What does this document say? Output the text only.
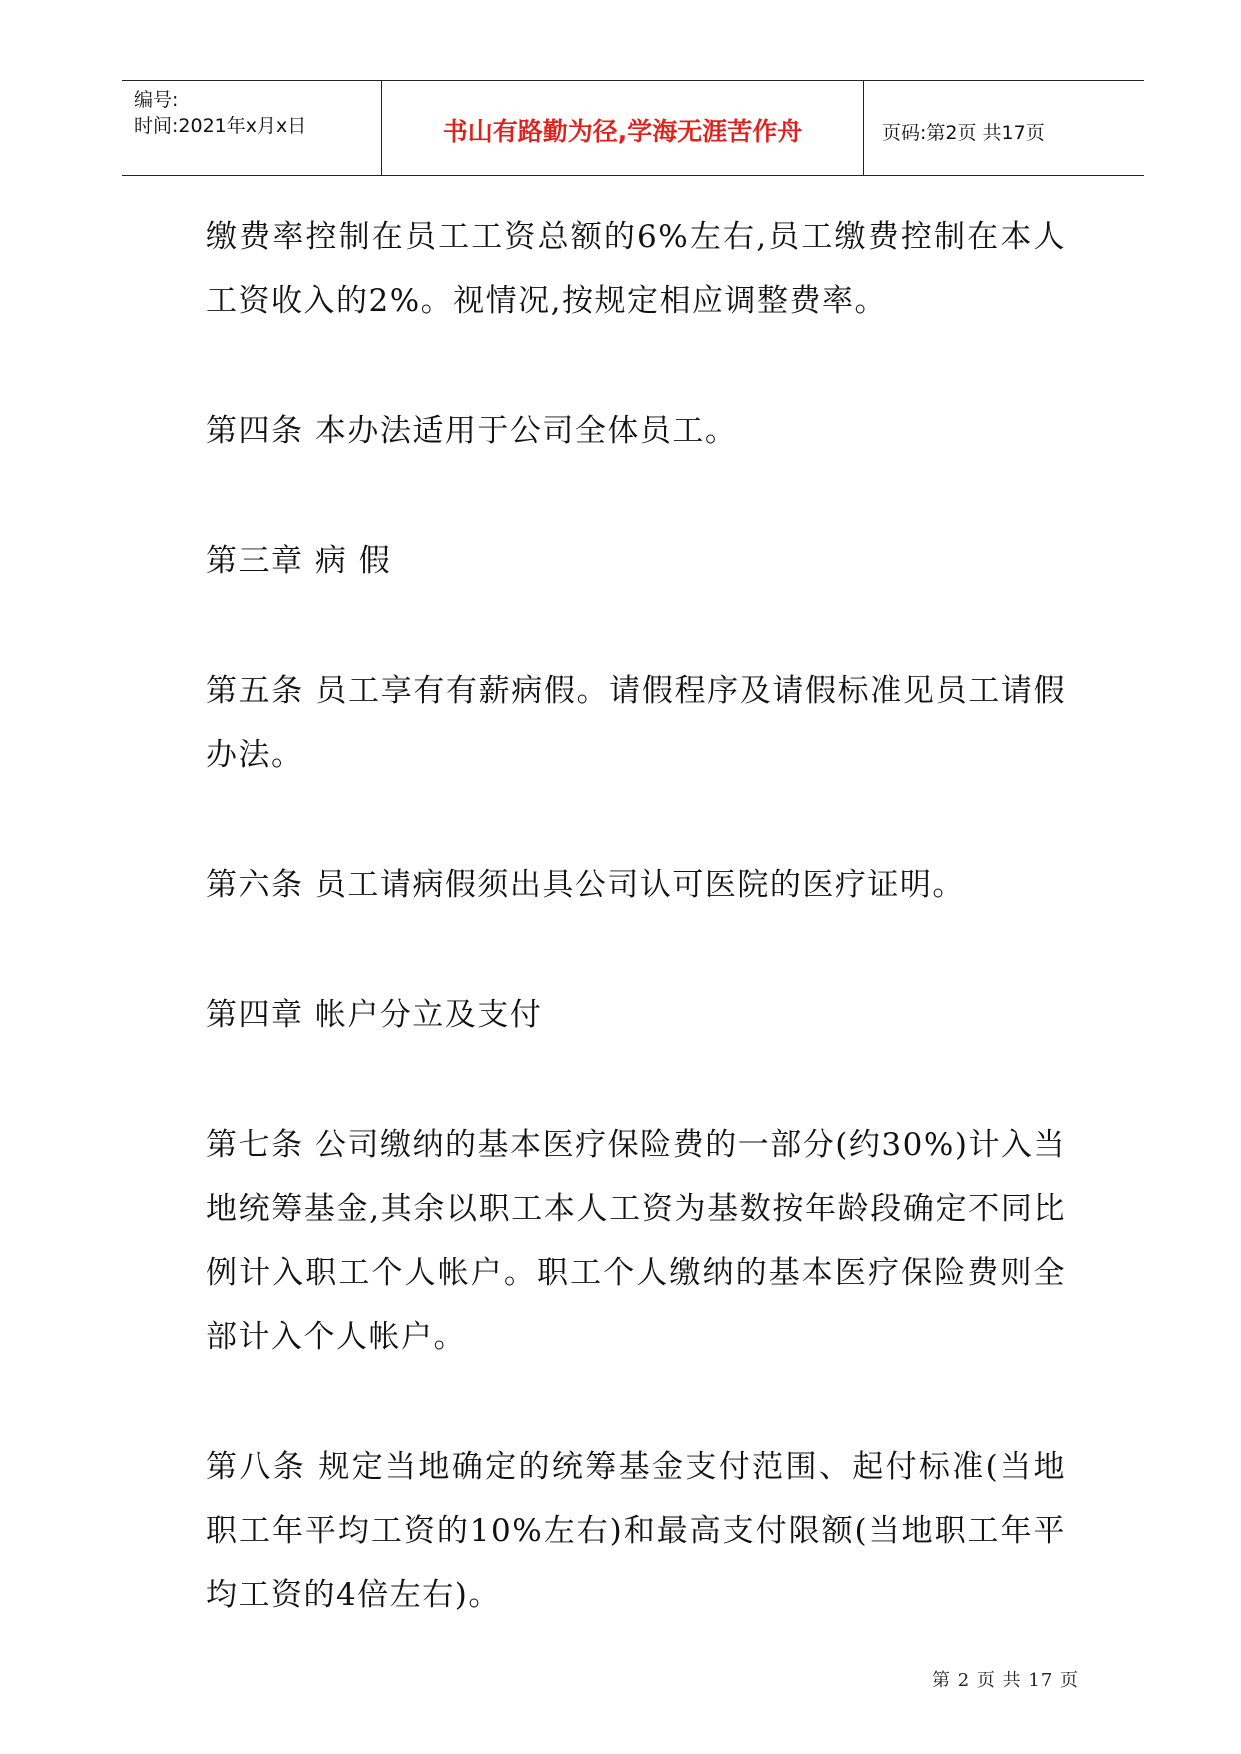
编号:
时间:2021年x月x日	书山有路勤为径,学海无涯苦作舟	页码:第2页 共17页

缴费率控制在员工工资总额的6%左右,员工缴费控制在本人工资收入的2%。视情况,按规定相应调整费率。

第四条 本办法适用于公司全体员工。

第三章 病 假

第五条 员工享有有薪病假。请假程序及请假标准见员工请假办法。

第六条 员工请病假须出具公司认可医院的医疗证明。

第四章 帐户分立及支付

第七条 公司缴纳的基本医疗保险费的一部分(约30%)计入当地统筹基金,其余以职工本人工资为基数按年龄段确定不同比例计入职工个人帐户。职工个人缴纳的基本医疗保险费则全部计入个人帐户。

第八条 规定当地确定的统筹基金支付范围、起付标准(当地职工年平均工资的10%左右)和最高支付限额(当地职工年平均工资的4倍左右)。

第 2 页 共 17 页
